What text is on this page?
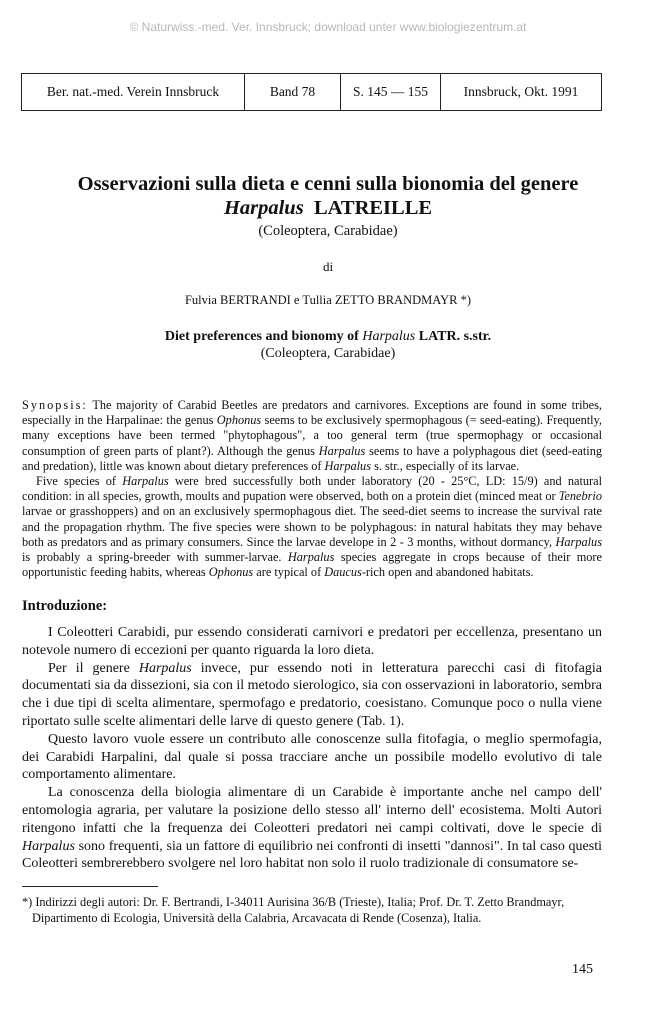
© Naturwiss.-med. Ver. Innsbruck; download unter www.biologiezentrum.at
Ber. nat.-med. Verein Innsbruck	Band 78	S. 145 — 155	Innsbruck, Okt. 1991
Osservazioni sulla dieta e cenni sulla bionomia del genere
Harpalus LATREILLE
(Coleoptera, Carabidae)
di
Fulvia BERTRANDI e Tullia ZETTO BRANDMAYR *)
Diet preferences and bionomy of Harpalus LATR. s.str.
(Coleoptera, Carabidae)

Synopsis: The majority of Carabid Beetles are predators and carnivores. Exceptions are found in some tribes, especially in the Harpalinae: the genus Ophonus seems to be exclusively spermophagous (= seed-eating). Frequently, many exceptions have been termed "phytophagous", a too general term (true spermophagy or occasional consumption of green parts of plant?). Although the genus Harpalus seems to have a polyphagous diet (seed-eating and predation), little was known about dietary preferences of Harpalus s. str., especially of its larvae.

Five species of Harpalus were bred successfully both under laboratory (20 - 25°C, LD: 15/9) and natural condition: in all species, growth, moults and pupation were observed, both on a protein diet (minced meat or Tenebrio larvae or grasshoppers) and on an exclusively spermophagous diet. The seed-diet seems to increase the survival rate and the propagation rhythm. The five species were shown to be polyphagous: in natural habitats they may behave both as predators and as primary consumers. Since the larvae develope in 2 - 3 months, without dormancy, Harpalus is probably a spring-breeder with summer-larvae. Harpalus species aggregate in crops because of their more opportunistic feeding habits, whereas Ophonus are typical of Daucus-rich open and abandoned habitats.

Introduzione:

I Coleotteri Carabidi, pur essendo considerati carnivori e predatori per eccellenza, presentano un notevole numero di eccezioni per quanto riguarda la loro dieta.

Per il genere Harpalus invece, pur essendo noti in letteratura parecchi casi di fitofagia documentati sia da dissezioni, sia con il metodo sierologico, sia con osservazioni in laboratorio, sembra che i due tipi di scelta alimentare, spermofago e predatorio, coesistano. Comunque poco o nulla viene riportato sulle scelte alimentari delle larve di questo genere (Tab. 1).

Questo lavoro vuole essere un contributo alle conoscenze sulla fitofagia, o meglio spermofagia, dei Carabidi Harpalini, dal quale si possa tracciare anche un possibile modello evolutivo di tale comportamento alimentare.

La conoscenza della biologia alimentare di un Carabide è importante anche nel campo dell' entomologia agraria, per valutare la posizione dello stesso all' interno dell' ecosistema. Molti Autori ritengono infatti che la frequenza dei Coleotteri predatori nei campi coltivati, dove le specie di Harpalus sono frequenti, sia un fattore di equilibrio nei confronti di insetti "dannosi". In tal caso questi Coleotteri sembrerebbero svolgere nel loro habitat non solo il ruolo tradizionale di consumatore se-

*) Indirizzi degli autori: Dr. F. Bertrandi, I-34011 Aurisina 36/B (Trieste), Italia; Prof. Dr. T. Zetto Brandmayr,
Dipartimento di Ecologia, Università della Calabria, Arcavacata di Rende (Cosenza), Italia.
145
